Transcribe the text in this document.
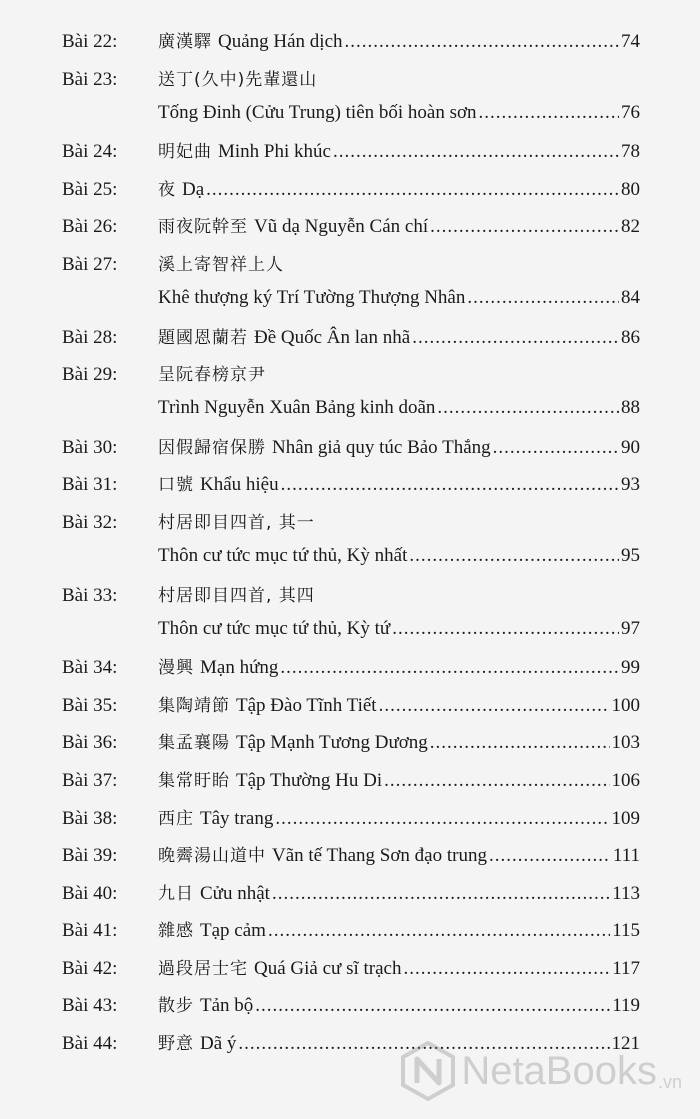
Bài 22:	廣漢驛 Quảng Hán dịch .....	74
Bài 23:	送丁(久中)先輩還山
Tống Đinh (Cửu Trung) tiên bối hoàn sơn .....	76
Bài 24:	明妃曲 Minh Phi khúc .....	78
Bài 25:	夜 Dạ .....	80
Bài 26:	雨夜阮幹至 Vũ dạ Nguyễn Cán chí .....	82
Bài 27:	溪上寄智祥上人
Khê thượng ký Trí Tường Thượng Nhân .....	84
Bài 28:	題國恩蘭若 Đề Quốc Ân lan nhã .....	86
Bài 29:	呈阮春榜京尹
Trình Nguyễn Xuân Bảng kinh doãn .....	88
Bài 30:	因假歸宿保勝 Nhân giả quy túc Bảo Thắng .....	90
Bài 31:	口號 Khẩu hiệu .....	93
Bài 32:	村居即目四首, 其一
Thôn cư tức mục tứ thủ, Kỳ nhất .....	95
Bài 33:	村居即目四首, 其四
Thôn cư tức mục tứ thủ, Kỳ tứ .....	97
Bài 34:	漫興 Mạn hứng .....	99
Bài 35:	集陶靖節 Tập Đào Tĩnh Tiết .....	100
Bài 36:	集孟襄陽 Tập Mạnh Tương Dương .....	103
Bài 37:	集常盱眙 Tập Thường Hu Di .....	106
Bài 38:	西庄 Tây trang .....	109
Bài 39:	晚霽湯山道中 Vãn tế Thang Sơn đạo trung .....	111
Bài 40:	九日 Cửu nhật .....	113
Bài 41:	雜感 Tạp cảm .....	115
Bài 42:	過段居士宅 Quá Giả cư sĩ trạch .....	117
Bài 43:	散步 Tản bộ .....	119
Bài 44:	野意 Dã ý .....	121
NetaBooks .vn
